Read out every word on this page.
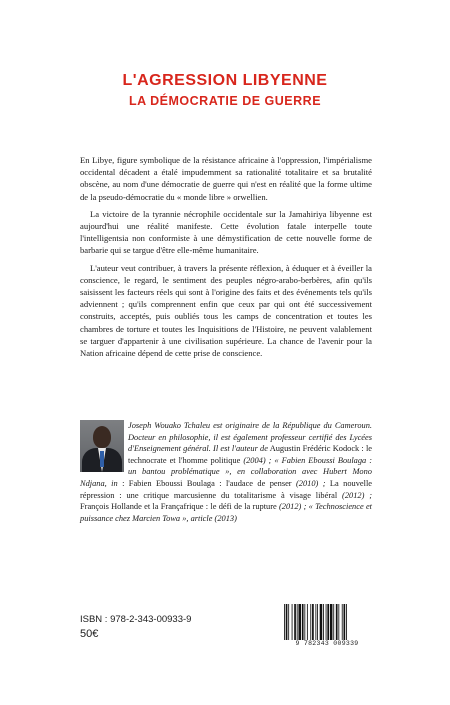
L'AGRESSION LIBYENNE
LA DÉMOCRATIE DE GUERRE

En Libye, figure symbolique de la résistance africaine à l'oppression, l'impérialisme occidental décadent a étalé impudemment sa rationalité totalitaire et sa brutalité obscène, au nom d'une démocratie de guerre qui n'est en réalité que la forme ultime de la pseudo-démocratie du « monde libre » orwellien.

La victoire de la tyrannie nécrophile occidentale sur la Jamahiriya libyenne est aujourd'hui une réalité manifeste. Cette évolution fatale interpelle toute l'intelligentsia non conformiste à une démystification de cette nouvelle forme de barbarie qui se targue d'être elle-même humanitaire.

L'auteur veut contribuer, à travers la présente réflexion, à éduquer et à éveiller la conscience, le regard, le sentiment des peuples négro-arabo-berbères, afin qu'ils saisissent les facteurs réels qui sont à l'origine des faits et des événements tels qu'ils adviennent ; qu'ils comprennent enfin que ceux par qui ont été successivement construits, acceptés, puis oubliés tous les camps de concentration et toutes les chambres de torture et toutes les Inquisitions de l'Histoire, ne peuvent valablement se targuer d'appartenir à une civilisation supérieure. La chance de l'avenir pour la Nation africaine dépend de cette prise de conscience.

Joseph Wouako Tchaleu est originaire de la République du Cameroun. Docteur en philosophie, il est également professeur certifié des Lycées d'Enseignement général. Il est l'auteur de Augustin Frédéric Kodock : le technocrate et l'homme politique (2004) ; « Fabien Eboussi Boulaga : un bantou problématique », en collaboration avec Hubert Mono Ndjana, in : Fabien Eboussi Boulaga : l'audace de penser (2010) ; La nouvelle répression : une critique marcusienne du totalitarisme à visage libéral (2012) ; François Hollande et la Françafrique : le défi de la rupture (2012) ; « Technoscience et puissance chez Marcien Towa », article (2013)
ISBN : 978-2-343-00933-9
50€
9 782343 009339
